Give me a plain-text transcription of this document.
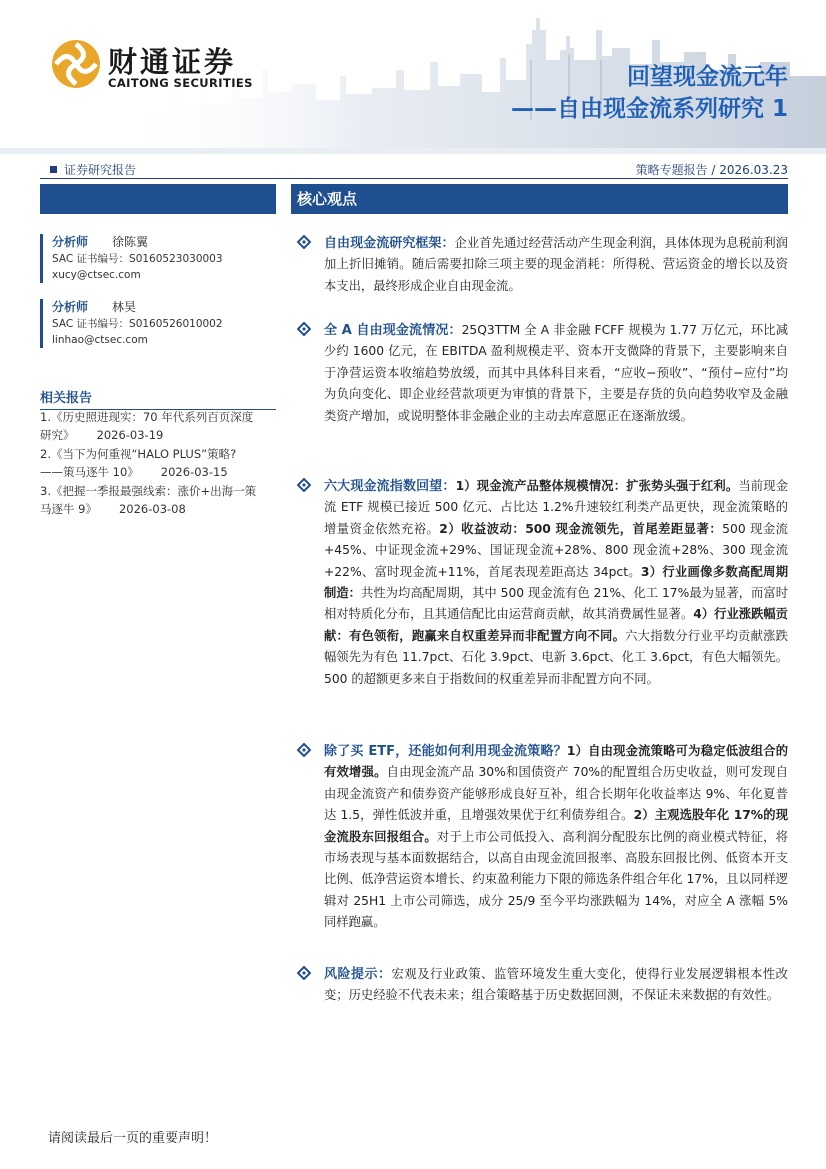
财通证券
CAITONG SECURITIES	回望现金流元年
——自由现金流系列研究 1
证券研究报告	策略专题报告 / 2026.03.23
核心观点
分析师 徐陈翼
SAC 证书编号：S0160523030003
xucy@ctsec.com
分析师 林昊
SAC 证书编号：S0160526010002
linhao@ctsec.com
相关报告
1.《历史照进现实：70 年代系列百页深度
研究》 2026-03-19
2.《当下为何重视“HALO PLUS”策略?
——策马逐牛 10》 2026-03-15
3.《把握一季报最强线索：涨价+出海一策
马逐牛 9》 2026-03-08
自由现金流研究框架：企业首先通过经营活动产生现金利润，具体体现为息税前利润加上折旧摊销。随后需要扣除三项主要的现金消耗：所得税、营运资金的增长以及资本支出，最终形成企业自由现金流。
全 A 自由现金流情况：25Q3TTM 全 A 非金融 FCFF 规模为 1.77 万亿元，环比减少约 1600 亿元，在 EBITDA 盈利规模走平、资本开支微降的背景下，主要影响来自于净营运资本收缩趋势放缓，而其中具体科目来看，“应收−预收”、“预付−应付”均为负向变化、即企业经营款项更为审慎的背景下，主要是存货的负向趋势收窄及金融类资产增加，或说明整体非金融企业的主动去库意愿正在逐渐放缓。
六大现金流指数回望：1）现金流产品整体规模情况：扩张势头强于红利。当前现金流 ETF 规模已接近 500 亿元、占比达 1.2%升速较红利类产品更快，现金流策略的增量资金依然充裕。2）收益波动：500 现金流领先，首尾差距显著：500 现金流+45%、中证现金流+29%、国证现金流+28%、800 现金流+28%、300 现金流+22%、富时现金流+11%，首尾表现差距高达 34pct。3）行业画像多数高配周期制造：共性为均高配周期，其中 500 现金流有色 21%、化工 17%最为显著，而富时相对特质化分布，且其通信配比由运营商贡献，故其消费属性显著。4）行业涨跌幅贡献：有色领衔，跑赢来自权重差异而非配置方向不同。六大指数分行业平均贡献涨跌幅领先为有色 11.7pct、石化 3.9pct、电新 3.6pct、化工 3.6pct，有色大幅领先。500 的超额更多来自于指数间的权重差异而非配置方向不同。
除了买 ETF，还能如何利用现金流策略？1）自由现金流策略可为稳定低波组合的有效增强。自由现金流产品 30%和国债资产 70%的配置组合历史收益，则可发现自由现金流资产和债券资产能够形成良好互补，组合长期年化收益率达 9%、年化夏普达 1.5，弹性低波并重，且增强效果优于红利债券组合。2）主观选股年化 17%的现金流股东回报组合。对于上市公司低投入、高利润分配股东比例的商业模式特征，将市场表现与基本面数据结合，以高自由现金流回报率、高股东回报比例、低资本开支比例、低净营运资本增长、约束盈利能力下限的筛选条件组合年化 17%，且以同样逻辑对 25H1 上市公司筛选，成分 25/9 至今平均涨跌幅为 14%，对应全 A 涨幅 5%同样跑赢。
风险提示：宏观及行业政策、监管环境发生重大变化，使得行业发展逻辑根本性改变；历史经验不代表未来；组合策略基于历史数据回测，不保证未来数据的有效性。
请阅读最后一页的重要声明！
